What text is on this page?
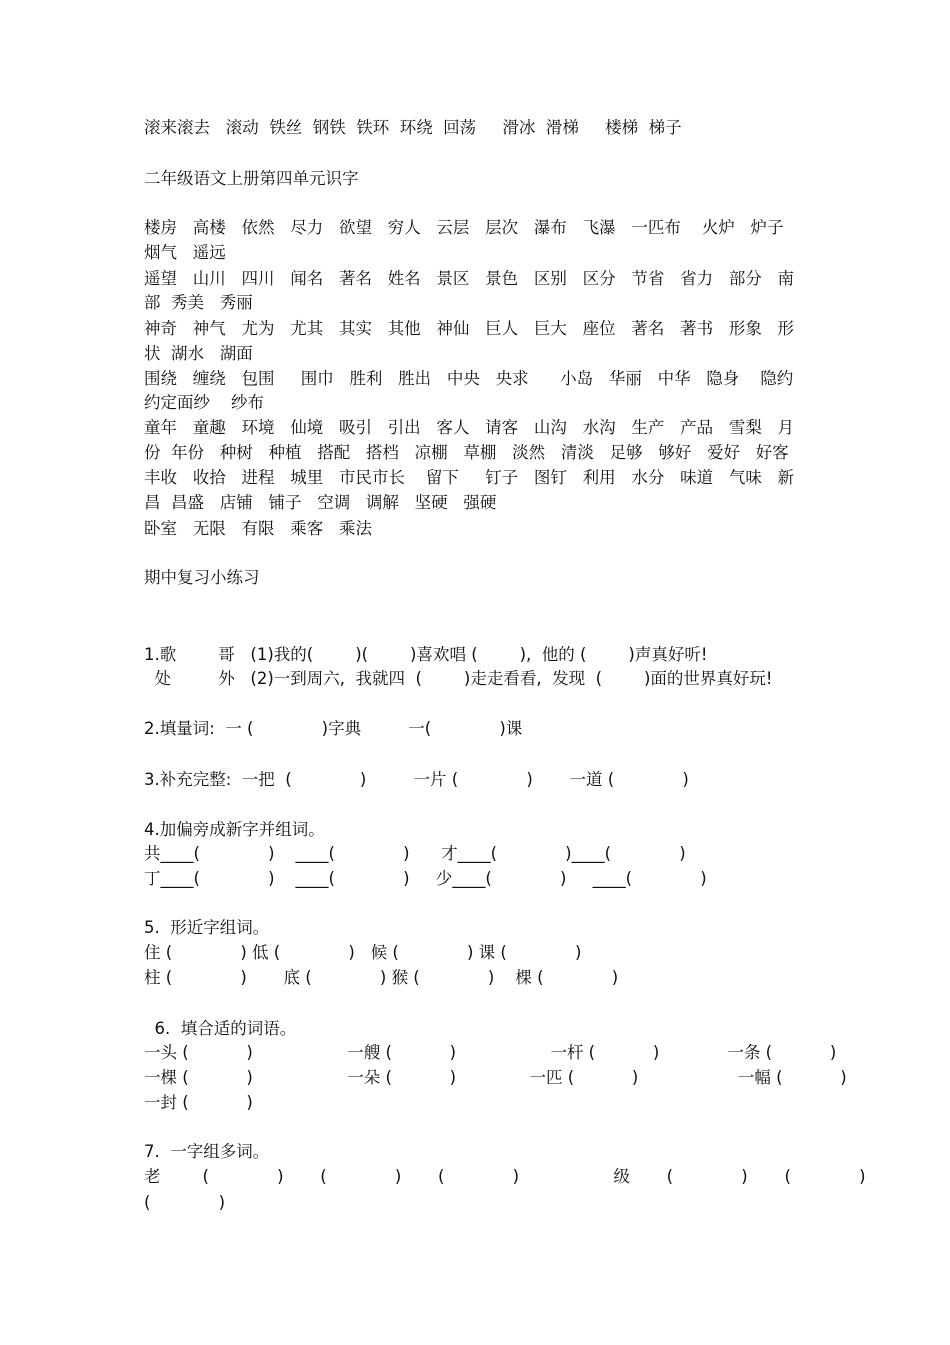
滚来滚去   滚动  铁丝  钢铁  铁环  环绕  回荡     滑冰  滑梯     楼梯  梯子
二年级语文上册第四单元识字
楼房   高楼   依然   尽力   欲望   穷人   云层   层次   瀑布   飞瀑   一匹布    火炉   炉子
烟气   遥远
遥望   山川   四川   闻名   著名   姓名   景区   景色   区别   区分   节省   省力   部分   南
部  秀美   秀丽
神奇   神气   尤为   尤其   其实   其他   神仙   巨人   巨大   座位   著名   著书   形象   形
状  湖水   湖面
围绕   缠绕   包围     围巾   胜利   胜出   中央   央求      小岛   华丽   中华   隐身    隐约
约定面纱    纱布
童年   童趣   环境   仙境   吸引   引出   客人   请客   山沟   水沟   生产   产品   雪梨   月
份  年份   种树   种植   搭配   搭档   凉棚   草棚   淡然   清淡   足够   够好   爱好   好客
丰收   收拾   进程   城里   市民市长    留下     钉子   图钉   利用   水分   味道   气味   新
昌  昌盛   店铺   铺子   空调   调解   坚硬   强硬
卧室   无限   有限   乘客   乘法
期中复习小练习
1.歌        哥   (1)我的(        )(        )喜欢唱 (        ),  他的 (        )声真好听!
处         外   (2)一到周六,  我就四  (        )走走看看,  发现  (        )面的世界真好玩!
2.填量词:  一 (             )字典         一(             )课
3.补充完整:  一把  (             )         一片 (             )       一道 (             )
4.加偏旁成新字并组词。
共____(             )    ____(             )      才____(             )____(             )
丁____(             )    ____(             )     少____(             )     ____(             )
5.  形近字组词。
住 (             ) 低 (             )   候 (             ) 课 (             )
柱 (             )       底 (             ) 猴 (             )    棵 (             )
6.  填合适的词语。
一头 (           )                  一艘 (           )                  一杆 (           )             一条 (           )
一棵 (           )                  一朵 (           )              一匹 (           )                   一幅 (           )
一封 (           )
7.  一字组多词。
老        (             )       (             )       (             )                  级       (             )       (             )
(             )
